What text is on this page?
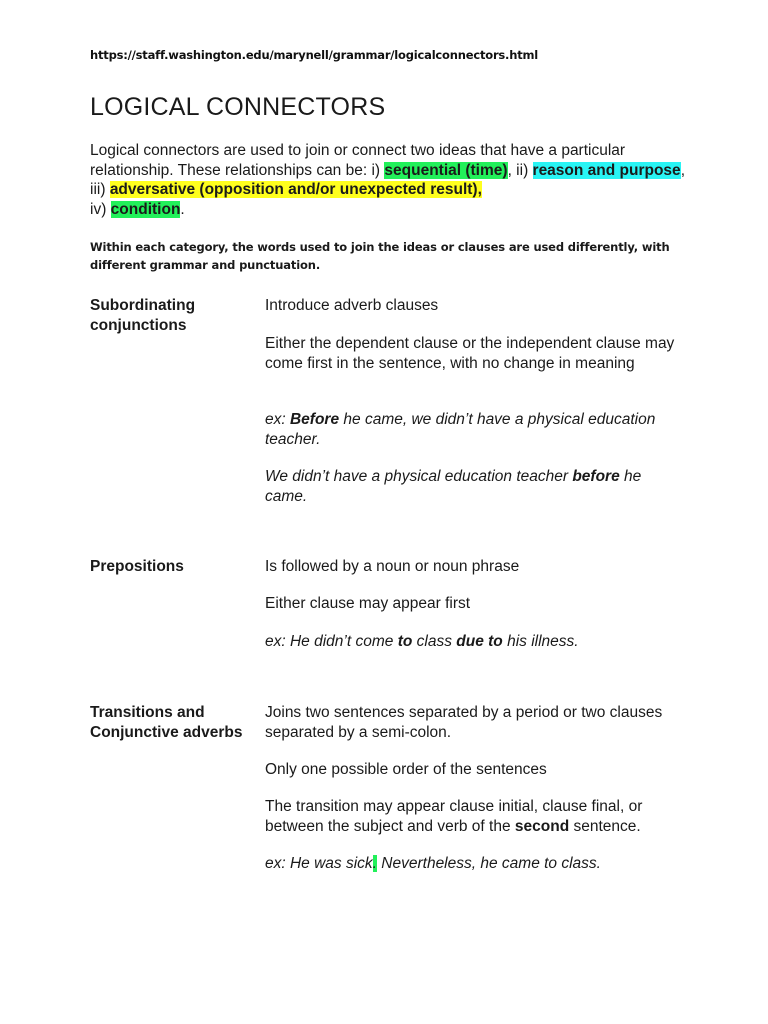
https://staff.washington.edu/marynell/grammar/logicalconnectors.html
LOGICAL CONNECTORS

Logical connectors are used to join or connect two ideas that have a particular relationship. These relationships can be: i) sequential (time), ii) reason and purpose, iii) adversative (opposition and/or unexpected result),
iv) condition.

Within each category, the words used to join the ideas or clauses are used differently, with different grammar and punctuation.

Subordinating conjunctions

Introduce adverb clauses

Either the dependent clause or the independent clause may come first in the sentence, with no change in meaning

ex: Before he came, we didn’t have a physical education teacher.

We didn’t have a physical education teacher before he came.

Prepositions	Is followed by a noun or noun phrase

Either clause may appear first

ex: He didn’t come to class due to his illness.

Transitions and Conjunctive adverbs

Joins two sentences separated by a period or two clauses separated by a semi-colon.

Only one possible order of the sentences

The transition may appear clause initial, clause final, or between the subject and verb of the second sentence.

ex: He was sick. Nevertheless, he came to class.
